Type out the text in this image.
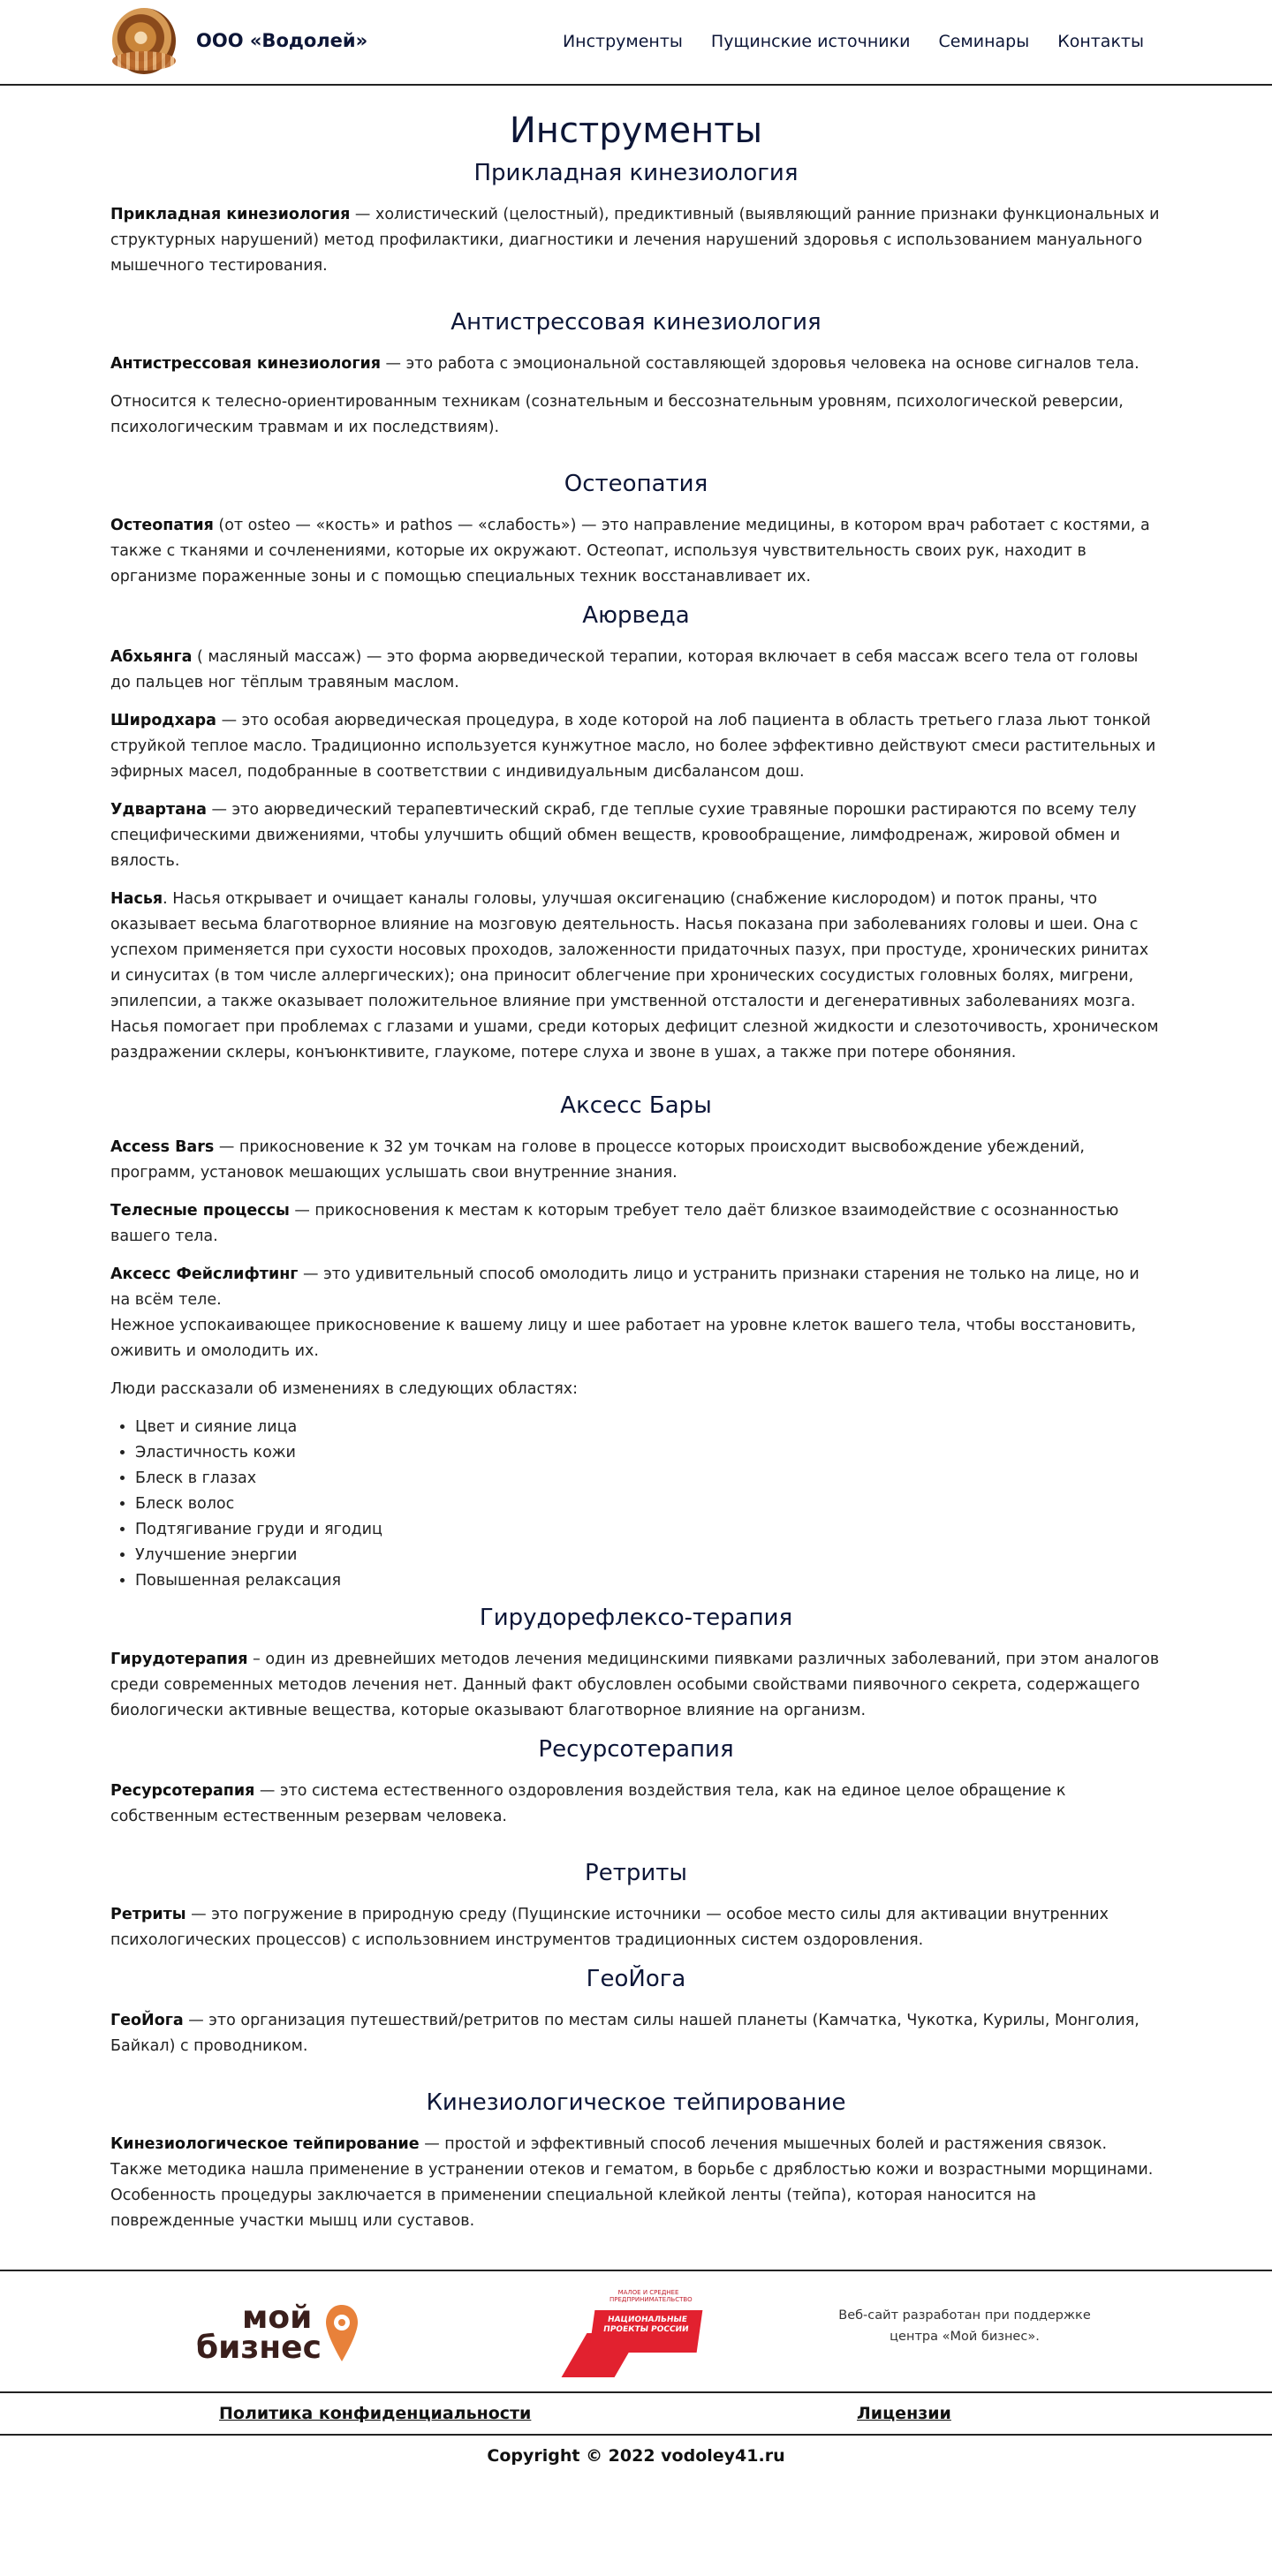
ООО «Водолей»	Инструменты Пущинские источники Семинары Контакты
Инструменты
Прикладная кинезиология

Прикладная кинезиология — холистический (целостный), предиктивный (выявляющий ранние признаки функциональных и структурных нарушений) метод профилактики, диагностики и лечения нарушений здоровья с использованием мануального мышечного тестирования.

Антистрессовая кинезиология

Антистрессовая кинезиология — это работа с эмоциональной составляющей здоровья человека на основе сигналов тела.

Относится к телесно-ориентированным техникам (сознательным и бессознательным уровням, психологической реверсии, психологическим травмам и их последствиям).

Остеопатия

Остеопатия (от osteo — «кость» и pathos — «слабость») — это направление медицины, в котором врач работает с костями, а также с тканями и сочленениями, которые их окружают. Остеопат, используя чувствительность своих рук, находит в организме пораженные зоны и с помощью специальных техник восстанавливает их.

Аюрведа

Абхьянга ( масляный массаж) — это форма аюрведической терапии, которая включает в себя массаж всего тела от головы до пальцев ног тёплым травяным маслом.

Широдхара — это особая аюрведическая процедура, в ходе которой на лоб пациента в область третьего глаза льют тонкой струйкой теплое масло. Традиционно используется кунжутное масло, но более эффективно действуют смеси растительных и эфирных масел, подобранные в соответствии с индивидуальным дисбалансом дош.

Удвартана — это аюрведический терапевтический скраб, где теплые сухие травяные порошки растираются по всему телу специфическими движениями, чтобы улучшить общий обмен веществ, кровообращение, лимфодренаж, жировой обмен и вялость.

Насья. Насья открывает и очищает каналы головы, улучшая оксигенацию (снабжение кислородом) и поток праны, что оказывает весьма благотворное влияние на мозговую деятельность. Насья показана при заболеваниях головы и шеи. Она с успехом применяется при сухости носовых проходов, заложенности придаточных пазух, при простуде, хронических ринитах и синуситах (в том числе аллергических); она приносит облегчение при хронических сосудистых головных болях, мигрени, эпилепсии, а также оказывает положительное влияние при умственной отсталости и дегенеративных заболеваниях мозга. Насья помогает при проблемах с глазами и ушами, среди которых дефицит слезной жидкости и слезоточивость, хроническом раздражении склеры, конъюнктивите, глаукоме, потере слуха и звоне в ушах, а также при потере обоняния.

Аксесс Бары

Access Bars — прикосновение к 32 ум точкам на голове в процессе которых происходит высвобождение убеждений, программ, установок мешающих услышать свои внутренние знания.

Телесные процессы — прикосновения к местам к которым требует тело даёт близкое взаимодействие с осознанностью вашего тела.

Аксесс Фейслифтинг — это удивительный способ омолодить лицо и устранить признаки старения не только на лице, но и на всём теле.
Нежное успокаивающее прикосновение к вашему лицу и шее работает на уровне клеток вашего тела, чтобы восстановить, оживить и омолодить их.

Люди рассказали об изменениях в следующих областях:

• Цвет и сияние лица
• Эластичность кожи
• Блеск в глазах
• Блеск волос
• Подтягивание груди и ягодиц
• Улучшение энергии
• Повышенная релаксация
Гирудорефлексо-терапия

Гирудотерапия – один из древнейших методов лечения медицинскими пиявками различных заболеваний, при этом аналогов среди современных методов лечения нет. Данный факт обусловлен особыми свойствами пиявочного секрета, содержащего биологически активные вещества, которые оказывают благотворное влияние на организм.

Ресурсотерапия

Ресурсотерапия — это система естественного оздоровления воздействия тела, как на единое целое обращение к собственным естественным резервам человека.

Ретриты

Ретриты — это погружение в природную среду (Пущинские источники — особое место силы для активации внутренних психологических процессов) с использовнием инструментов традиционных систем оздоровления.

ГеоЙога

ГеоЙога — это организация путешествий/ретритов по местам силы нашей планеты (Камчатка, Чукотка, Курилы, Монголия, Байкал) с проводником.

Кинезиологическое тейпирование

Кинезиологическое тейпирование — простой и эффективный способ лечения мышечных болей и растяжения связок. Также методика нашла применение в устранении отеков и гематом, в борьбе с дряблостью кожи и возрастными морщинами. Особенность процедуры заключается в применении специальной клейкой ленты (тейпа), которая наносится на поврежденные участки мышц или суставов.

мой
бизнес
МАЛОЕ И СРЕДНЕЕ ПРЕДПРИНИМАТЕЛЬСТВО
НАЦИОНАЛЬНЫЕ ПРОЕКТЫ РОССИИ
Веб-сайт разработан при поддержке центра «Мой бизнес».
Политика конфиденциальности	Лицензии
Copyright © 2022 vodoley41.ru
